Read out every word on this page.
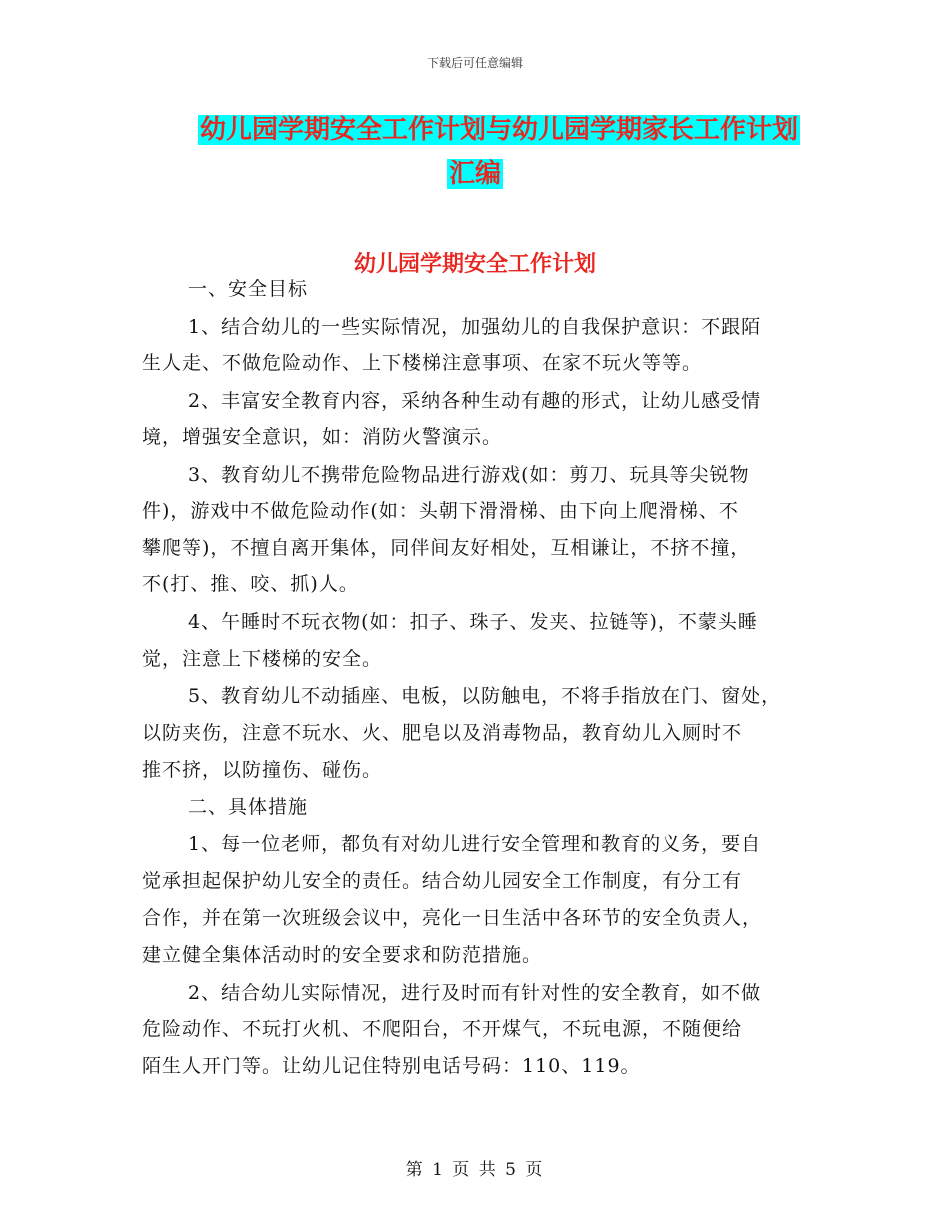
下载后可任意编辑
幼儿园学期安全工作计划与幼儿园学期家长工作计划
汇编
幼儿园学期安全工作计划
一、安全目标
1、结合幼儿的一些实际情况，加强幼儿的自我保护意识：不跟陌
生人走、不做危险动作、上下楼梯注意事项、在家不玩火等等。
2、丰富安全教育内容，采纳各种生动有趣的形式，让幼儿感受情
境，增强安全意识，如：消防火警演示。
3、教育幼儿不携带危险物品进行游戏(如：剪刀、玩具等尖锐物
件)，游戏中不做危险动作(如：头朝下滑滑梯、由下向上爬滑梯、不
攀爬等)，不擅自离开集体，同伴间友好相处，互相谦让，不挤不撞，
不(打、推、咬、抓)人。
4、午睡时不玩衣物(如：扣子、珠子、发夹、拉链等)，不蒙头睡
觉，注意上下楼梯的安全。
5、教育幼儿不动插座、电板，以防触电，不将手指放在门、窗处，
以防夹伤，注意不玩水、火、肥皂以及消毒物品，教育幼儿入厕时不
推不挤，以防撞伤、碰伤。
二、具体措施
1、每一位老师，都负有对幼儿进行安全管理和教育的义务，要自
觉承担起保护幼儿安全的责任。结合幼儿园安全工作制度，有分工有
合作，并在第一次班级会议中，亮化一日生活中各环节的安全负责人，
建立健全集体活动时的安全要求和防范措施。
2、结合幼儿实际情况，进行及时而有针对性的安全教育，如不做
危险动作、不玩打火机、不爬阳台，不开煤气，不玩电源，不随便给
陌生人开门等。让幼儿记住特别电话号码：110、119。
第 1 页 共 5 页
